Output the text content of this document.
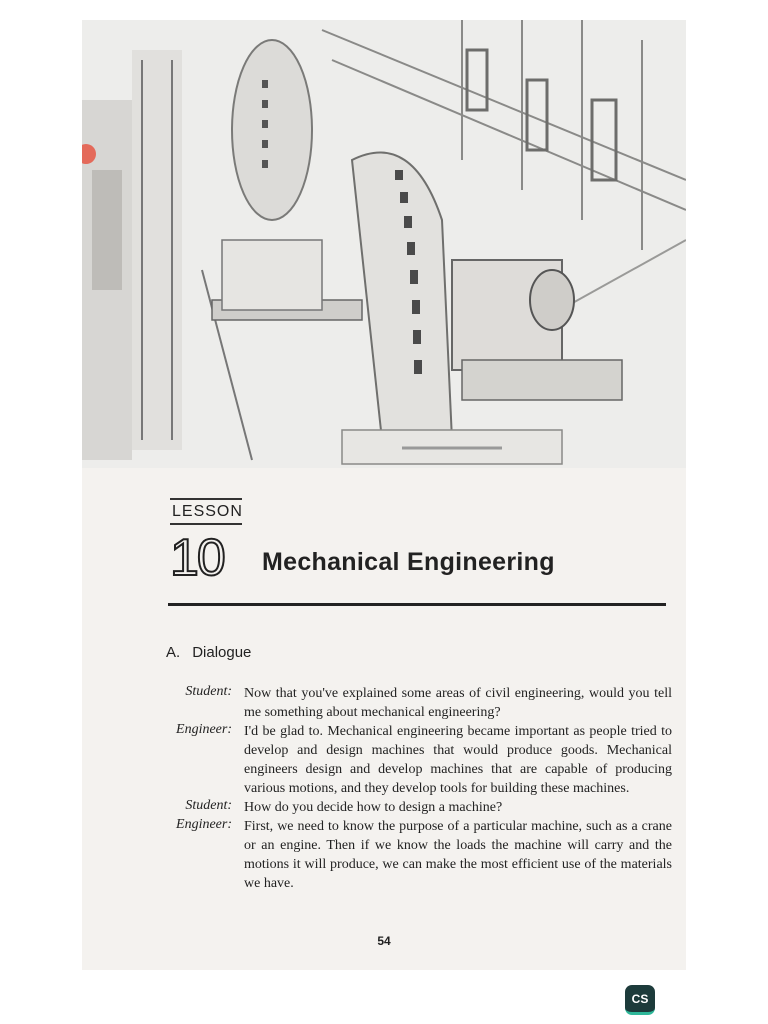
LESSON
10 Mechanical Engineering
A. Dialogue
Student: Now that you've explained some areas of civil engineering, would you tell me something about mechanical engineering?
Engineer: I'd be glad to. Mechanical engineering became important as people tried to develop and design machines that would produce goods. Mechanical engineers design and develop machines that are capable of producing various motions, and they develop tools for building these machines.
Student: How do you decide how to design a machine?
Engineer: First, we need to know the purpose of a particular machine, such as a crane or an engine. Then if we know the loads the machine will carry and the motions it will produce, we can make the most efficient use of the materials we have.
54
CS
